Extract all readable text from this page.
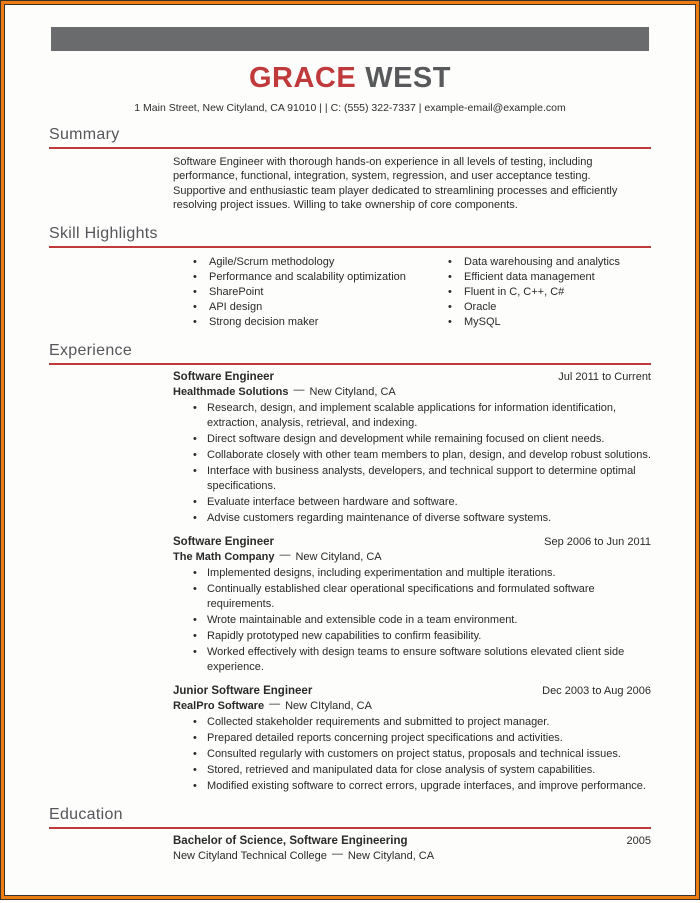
GRACE WEST
1 Main Street, New Cityland, CA 91010 | | C: (555) 322-7337 | example-email@example.com
Summary
Software Engineer with thorough hands-on experience in all levels of testing, including performance, functional, integration, system, regression, and user acceptance testing. Supportive and enthusiastic team player dedicated to streamlining processes and efficiently resolving project issues. Willing to take ownership of core components.
Skill Highlights
• Agile/Scrum methodology
• Performance and scalability optimization
• SharePoint
• API design
• Strong decision maker
• Data warehousing and analytics
• Efficient data management
• Fluent in C, C++, C#
• Oracle
• MySQL
Experience
Software Engineer	Jul 2011 to Current
Healthmade Solutions — New Cityland, CA
• Research, design, and implement scalable applications for information identification, extraction, analysis, retrieval, and indexing.
• Direct software design and development while remaining focused on client needs.
• Collaborate closely with other team members to plan, design, and develop robust solutions.
• Interface with business analysts, developers, and technical support to determine optimal specifications.
• Evaluate interface between hardware and software.
• Advise customers regarding maintenance of diverse software systems.
Software Engineer	Sep 2006 to Jun 2011
The Math Company — New Cityland, CA
• Implemented designs, including experimentation and multiple iterations.
• Continually established clear operational specifications and formulated software requirements.
• Wrote maintainable and extensible code in a team environment.
• Rapidly prototyped new capabilities to confirm feasibility.
• Worked effectively with design teams to ensure software solutions elevated client side experience.
Junior Software Engineer	Dec 2003 to Aug 2006
RealPro Software — New CItyland, CA
• Collected stakeholder requirements and submitted to project manager.
• Prepared detailed reports concerning project specifications and activities.
• Consulted regularly with customers on project status, proposals and technical issues.
• Stored, retrieved and manipulated data for close analysis of system capabilities.
• Modified existing software to correct errors, upgrade interfaces, and improve performance.
Education
Bachelor of Science, Software Engineering	2005
New Cityland Technical College — New Cityland, CA
